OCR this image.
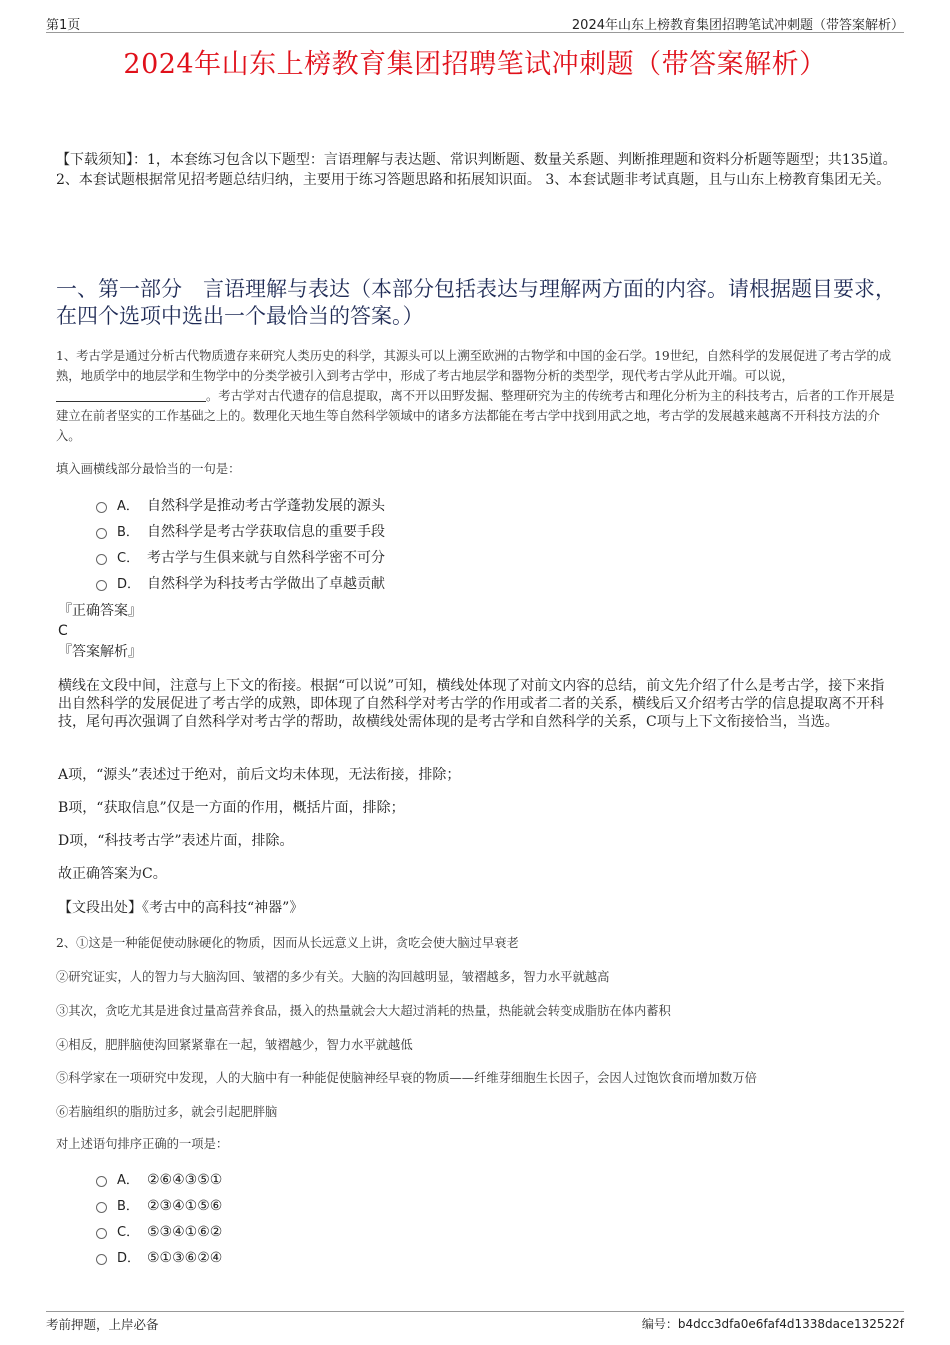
第1页	2024年山东上榜教育集团招聘笔试冲刺题（带答案解析）
2024年山东上榜教育集团招聘笔试冲刺题（带答案解析）
【下载须知】：1，本套练习包含以下题型：言语理解与表达题、常识判断题、数量关系题、判断推理题和资料分析题等题型；共135道。 2、本套试题根据常见招考题总结归纳，主要用于练习答题思路和拓展知识面。 3、本套试题非考试真题，且与山东上榜教育集团无关。
一、第一部分　言语理解与表达（本部分包括表达与理解两方面的内容。请根据题目要求，在四个选项中选出一个最恰当的答案。）
1、考古学是通过分析古代物质遗存来研究人类历史的科学，其源头可以上溯至欧洲的古物学和中国的金石学。19世纪，自然科学的发展促进了考古学的成熟，地质学中的地层学和生物学中的分类学被引入到考古学中，形成了考古地层学和器物分析的类型学，现代考古学从此开端。可以说，。考古学对古代遗存的信息提取，离不开以田野发掘、整理研究为主的传统考古和理化分析为主的科技考古，后者的工作开展是建立在前者坚实的工作基础之上的。数理化天地生等自然科学领域中的诸多方法都能在考古学中找到用武之地，考古学的发展越来越离不开科技方法的介入。
填入画横线部分最恰当的一句是：
A． 自然科学是推动考古学蓬勃发展的源头
B． 自然科学是考古学获取信息的重要手段
C． 考古学与生俱来就与自然科学密不可分
D． 自然科学为科技考古学做出了卓越贡献
『正确答案』
C
『答案解析』
横线在文段中间，注意与上下文的衔接。根据“可以说”可知，横线处体现了对前文内容的总结，前文先介绍了什么是考古学，接下来指出自然科学的发展促进了考古学的成熟，即体现了自然科学对考古学的作用或者二者的关系，横线后又介绍考古学的信息提取离不开科技，尾句再次强调了自然科学对考古学的帮助，故横线处需体现的是考古学和自然科学的关系，C项与上下文衔接恰当，当选。
A项，“源头”表述过于绝对，前后文均未体现，无法衔接，排除；
B项，“获取信息”仅是一方面的作用，概括片面，排除；
D项，“科技考古学”表述片面，排除。
故正确答案为C。
【文段出处】《考古中的高科技“神器”》
2、①这是一种能促使动脉硬化的物质，因而从长远意义上讲，贪吃会使大脑过早衰老
②研究证实，人的智力与大脑沟回、皱褶的多少有关。大脑的沟回越明显，皱褶越多，智力水平就越高
③其次，贪吃尤其是进食过量高营养食品，摄入的热量就会大大超过消耗的热量，热能就会转变成脂肪在体内蓄积
④相反，肥胖脑使沟回紧紧靠在一起，皱褶越少，智力水平就越低
⑤科学家在一项研究中发现，人的大脑中有一种能促使脑神经早衰的物质——纤维芽细胞生长因子，会因人过饱饮食而增加数万倍
⑥若脑组织的脂肪过多，就会引起肥胖脑
对上述语句排序正确的一项是：
A． ②⑥④③⑤①
B． ②③④①⑤⑥
C． ⑤③④①⑥②
D． ⑤①③⑥②④
考前押题，上岸必备	编号：b4dcc3dfa0e6faf4d1338dace132522f
